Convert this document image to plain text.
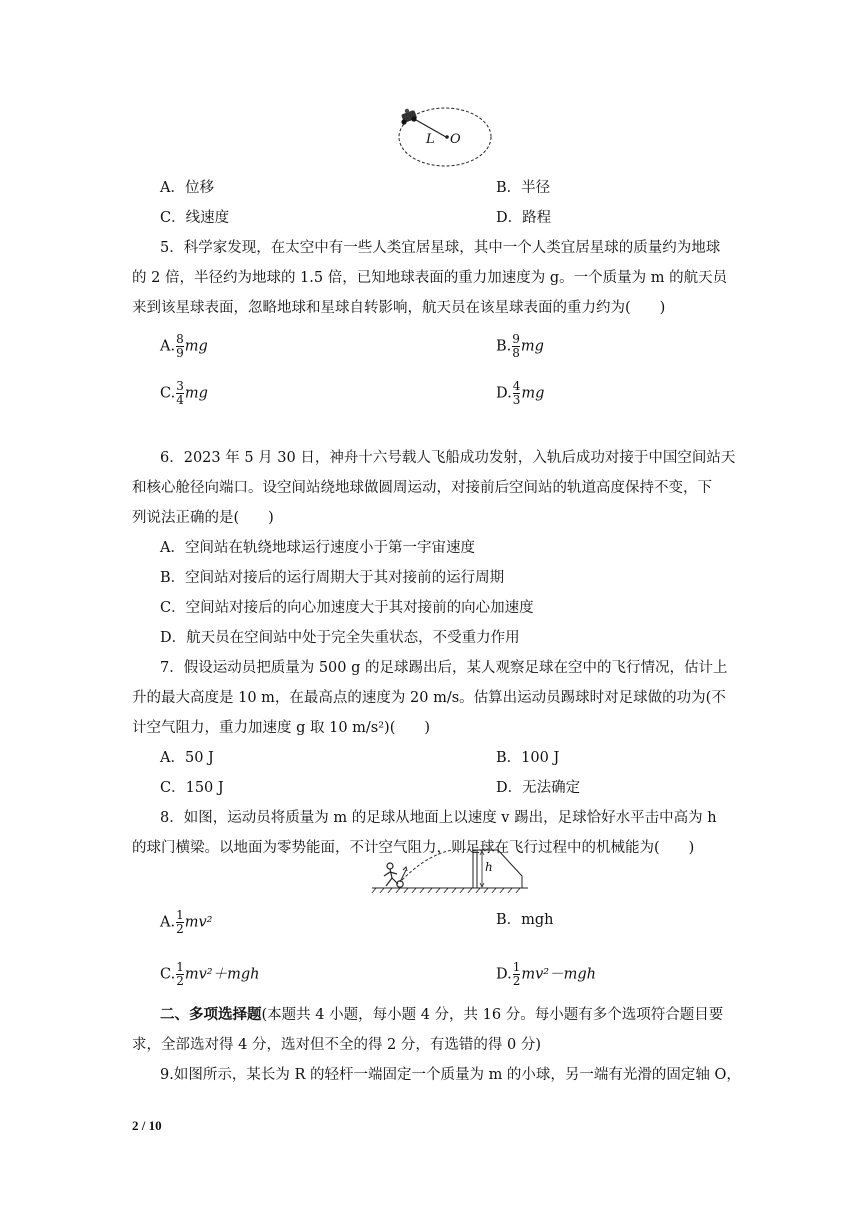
L O
A．位移	B．半径
C．线速度	D．路程
5．科学家发现，在太空中有一些人类宜居星球，其中一个人类宜居星球的质量约为地球
的 2 倍，半径约为地球的 1.5 倍，已知地球表面的重力加速度为 g。一个质量为 m 的航天员
来到该星球表面，忽略地球和星球自转影响，航天员在该星球表面的重力约为(　　)
A. $\frac{8}{9}$ mg	B. $\frac{9}{8}$ mg
C. $\frac{3}{4}$ mg	D. $\frac{4}{3}$ mg
6．2023 年 5 月 30 日，神舟十六号载人飞船成功发射，入轨后成功对接于中国空间站天
和核心舱径向端口。设空间站绕地球做圆周运动，对接前后空间站的轨道高度保持不变，下
列说法正确的是(　　)
A．空间站在轨绕地球运行速度小于第一宇宙速度
B．空间站对接后的运行周期大于其对接前的运行周期
C．空间站对接后的向心加速度大于其对接前的向心加速度
D．航天员在空间站中处于完全失重状态，不受重力作用
7．假设运动员把质量为 500 g 的足球踢出后，某人观察足球在空中的飞行情况，估计上
升的最大高度是 10 m，在最高点的速度为 20 m/s。估算出运动员踢球时对足球做的功为(不
计空气阻力，重力加速度 g 取 10 m/s²)(　　)
A．50 J	B．100 J
C．150 J	D．无法确定
8．如图，运动员将质量为 m 的足球从地面上以速度 v 踢出，足球恰好水平击中高为 h
的球门横梁。以地面为零势能面，不计空气阻力，则足球在飞行过程中的机械能为(　　)
h
A. $\frac{1}{2} mv^2$	B．mgh
C. $\frac{1}{2} mv^2+mgh$	D. $\frac{1}{2} mv^2-mgh$
二、多项选择题(本题共 4 小题，每小题 4 分，共 16 分。每小题有多个选项符合题目要
求，全部选对得 4 分，选对但不全的得 2 分，有选错的得 0 分)
9.如图所示，某长为 R 的轻杆一端固定一个质量为 m 的小球，另一端有光滑的固定轴 O，
2 / 10
